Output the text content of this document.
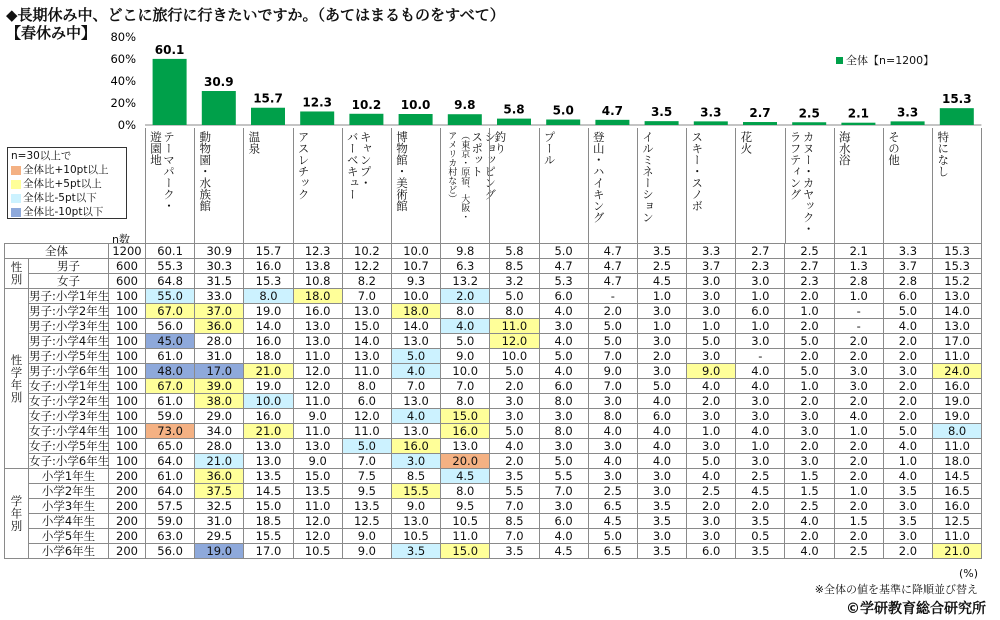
◆長期休み中、どこに旅行に行きたいですか。（あてはまるものをすべて）
【春休み中】
0%
20%
40%
60%
80%
60.1
30.9
15.7 12.3 10.2 10.0 9.8 5.8 5.0 4.7 3.5 3.3 2.7 2.5 2.1 3.3
15.3
全体【n=1200】
テーマパーク・
遊園地	動物園・水族館	温泉	アスレチック	キャンプ・
バーベキュー	博物館・美術館	ショッピング
スポット
（東京・原宿、大阪・
アメリカ村など）	釣り	プール	登山・ハイキング	イルミネーション	スキー・スノボ	花火	カヌー・カヤック・
ラフティング	海水浴	その他	特になし
n=30以上で
全体比+10pt以上
全体比+5pt以上
全体比-5pt以下
全体比-10pt以下
n数
全体		1200	60.1	30.9	15.7	12.3	10.2	10.0	9.8	5.8	5.0	4.7	3.5	3.3	2.7	2.5	2.1	3.3	15.3
性別	男子	600	55.3	30.3	16.0	13.8	12.2	10.7	6.3	8.5	4.7	4.7	2.5	3.7	2.3	2.7	1.3	3.7	15.3
	女子	600	64.8	31.5	15.3	10.8	8.2	9.3	13.2	3.2	5.3	4.7	4.5	3.0	3.0	2.3	2.8	2.8	15.2
性学年別	男子:小学1年生	100	55.0	33.0	8.0	18.0	7.0	10.0	2.0	5.0	6.0	-	1.0	3.0	1.0	2.0	1.0	6.0	13.0
	男子:小学2年生	100	67.0	37.0	19.0	16.0	13.0	18.0	8.0	8.0	4.0	2.0	3.0	3.0	6.0	1.0	-	5.0	14.0
	男子:小学3年生	100	56.0	36.0	14.0	13.0	15.0	14.0	4.0	11.0	3.0	5.0	1.0	1.0	1.0	2.0	-	4.0	13.0
	男子:小学4年生	100	45.0	28.0	16.0	13.0	14.0	13.0	5.0	12.0	4.0	5.0	3.0	5.0	3.0	5.0	2.0	2.0	17.0
	男子:小学5年生	100	61.0	31.0	18.0	11.0	13.0	5.0	9.0	10.0	5.0	7.0	2.0	3.0	-	2.0	2.0	2.0	11.0
	男子:小学6年生	100	48.0	17.0	21.0	12.0	11.0	4.0	10.0	5.0	4.0	9.0	3.0	9.0	4.0	5.0	3.0	3.0	24.0
	女子:小学1年生	100	67.0	39.0	19.0	12.0	8.0	7.0	7.0	2.0	6.0	7.0	5.0	4.0	4.0	1.0	3.0	2.0	16.0
	女子:小学2年生	100	61.0	38.0	10.0	11.0	6.0	13.0	8.0	3.0	8.0	3.0	4.0	2.0	3.0	2.0	2.0	2.0	19.0
	女子:小学3年生	100	59.0	29.0	16.0	9.0	12.0	4.0	15.0	3.0	3.0	8.0	6.0	3.0	3.0	3.0	4.0	2.0	19.0
	女子:小学4年生	100	73.0	34.0	21.0	11.0	11.0	13.0	16.0	5.0	8.0	4.0	4.0	1.0	4.0	3.0	1.0	5.0	8.0
	女子:小学5年生	100	65.0	28.0	13.0	13.0	5.0	16.0	13.0	4.0	3.0	3.0	4.0	3.0	1.0	2.0	2.0	4.0	11.0
	女子:小学6年生	100	64.0	21.0	13.0	9.0	7.0	3.0	20.0	2.0	5.0	4.0	4.0	5.0	3.0	3.0	2.0	1.0	18.0
学年別	小学1年生	200	61.0	36.0	13.5	15.0	7.5	8.5	4.5	3.5	5.5	3.0	3.0	4.0	2.5	1.5	2.0	4.0	14.5
	小学2年生	200	64.0	37.5	14.5	13.5	9.5	15.5	8.0	5.5	7.0	2.5	3.0	2.5	4.5	1.5	1.0	3.5	16.5
	小学3年生	200	57.5	32.5	15.0	11.0	13.5	9.0	9.5	7.0	3.0	6.5	3.5	2.0	2.0	2.5	2.0	3.0	16.0
	小学4年生	200	59.0	31.0	18.5	12.0	12.5	13.0	10.5	8.5	6.0	4.5	3.5	3.0	3.5	4.0	1.5	3.5	12.5
	小学5年生	200	63.0	29.5	15.5	12.0	9.0	10.5	11.0	7.0	4.0	5.0	3.0	3.0	0.5	2.0	2.0	3.0	11.0
	小学6年生	200	56.0	19.0	17.0	10.5	9.0	3.5	15.0	3.5	4.5	6.5	3.5	6.0	3.5	4.0	2.5	2.0	21.0
(%)
※全体の値を基準に降順並び替え
©学研教育総合研究所
